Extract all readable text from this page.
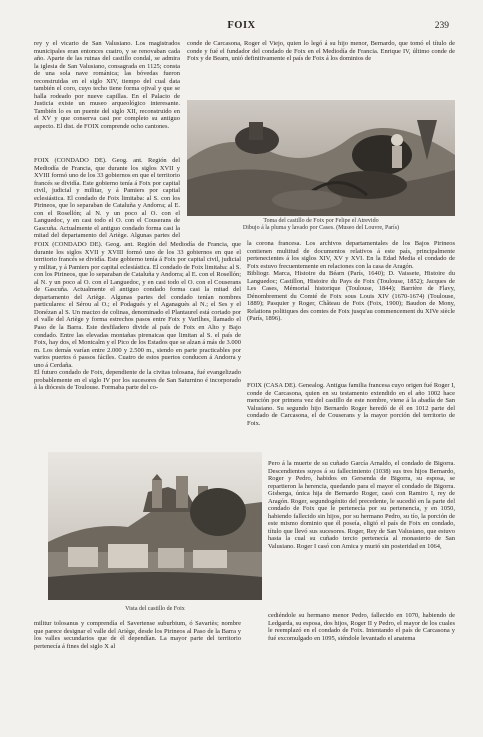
FOIX	239

rey y el vicario de San Valusiano. Los magistrados municipales eran entonces cuatro, y se renovaban cada año. Aparte de las ruinas del castillo condal, se admira la iglesia de San Valusiano, consagrada en 1125; consta de una sola nave románica; las bóvedas fueron reconstruidas en el siglo XIV, tiempo del cual data también el coro, cuyo techo tiene forma ojival y que se halla rodeado por nueve capillas. En el Palacio de Justicia existe un museo arqueológico interesante. También lo es un puente del siglo XII, reconstruido en el XV y que conserva casi por completo su antiguo aspecto. El dist. de FOIX comprende ocho cantones.

Toma del castillo de Foix por Felipe el Atrevido
Dibujo á la pluma y lavado por Cases. (Museo del Louvre, París)

FOIX (CONDADO DE). Geog. ant. Región del Mediodía de Francia, que durante los siglos XVII y XVIII formó uno de los 33 gobiernos en que el territorio francés se dividía. Este gobierno tenía á Foix por capital civil, judicial y militar, y á Pamiers por capital eclesiástica. El condado de Foix limitaba: al S. con los Pirineos, que lo separaban de Cataluña y Andorra; al E. con el Rosellón; al N. y un poco al O. con el Languedoc, y en casi todo el O. con el Couserans de Gascuña. Actualmente el antiguo condado forma casi la mitad del departamento del Ariège. Algunas partes del

FOIX (CONDADO DE). Geog. ant. Región del Mediodía de Francia, que durante los siglos XVII y XVIII formó uno de los 33 gobiernos en que el territorio francés se dividía. Este gobierno tenía á Foix por capital civil, judicial y militar, y á Pamiers por capital eclesiástica. El condado de Foix limitaba: al S. con los Pirineos, que lo separaban de Cataluña y Andorra; al E. con el Rosellón; al N. y un poco al O. con el Languedoc, y en casi todo el O. con el Couserans de Gascuña. Actualmente el antiguo condado forma casi la mitad del departamento del Ariège. Algunas partes del condado tenían nombres particulares: el Sérou al O.; el Podagués y el Aganaguès al N.; el Ses y el Donézan al S. Un macizo de colinas, denominado el Plantaurel está cortado por el valle del Ariège y forma estrechos pasos entre Foix y Varilhes, llamado el Paso de la Barra. Este desfiladero divide al país de Foix en Alto y Bajo condado. Entre las elevadas montañas pirenaicas que limitan al S. el país de Foix, hay dos, el Montcalm y el Pico de los Estados que se alzan á más de 3.000 m. Los demás varían entre 2.000 y 2.500 m., siendo en parte practicables por varios puertos ó passos fáciles. Cuatro de estos puertos conducen á Andorra y uno á Cerdaña.

El futuro condado de Foix, dependiente de la civitas tolosana, fué evangelizado probablemente en el siglo IV por los sucesores de San Saturnino é incorporado á la diócesis de Toulouse. Formaba parte del co-

Vista del castillo de Foix

militur tolosanus y comprendía el Savertense suburbium, ó Savartès; nombre que parece designar el valle del Ariège, desde los Pirineos al Paso de la Barra y los valles secundarios que de él dependían. La mayor parte del territorio pertenecía á fines del siglo X al

conde de Carcasona, Roger el Viejo, quien lo legó á su hijo menor, Bernardo, que tomó el título de conde y fué el fundador del condado de Foix en el Mediodía de Francia. Enrique IV, último conde de Foix y de Bearn, unió definitivamente el país de Foix á los dominios de

la corona francesa. Los archivos departamentales de los Bajos Pirineos contienen multitud de documentos relativos á este país, principalmente pertenecientes á los siglos XIV, XV y XVI. En la Edad Media el condado de Foix estuvo frecuentemente en relaciones con la casa de Aragón.

Bibliogr. Marca, Histoire du Béarn (París, 1640); D. Vaissete, Histoire du Languedoc; Castillon, Histoire du Pays de Foix (Toulouse, 1852); Jacques de Les Cases, Mémorial historique (Toulouse, 1844); Barrière de Flavy, Dénombrement du Comté de Foix sous Louis XIV (1670-1674) (Toulouse, 1889); Pasquier y Roger, Château de Foix (Foix, 1900); Baudon de Mony, Relations politiques des comtes de Foix jusqu'au commencement du XIVe siècle (París, 1896).

FOIX (CASA DE). Genealog. Antigua familia francesa cuyo origen fué Roger I, conde de Carcasona, quien en su testamento extendido en el año 1002 hace mención por primera vez del castillo de este nombre, viene á la abadía de San Valusiano. Su segundo hijo Bernardo Roger heredó de él en 1012 parte del condado de Carcasona, el de Couserans y la mayor porción del territorio de Foix.

Pero á la muerte de su cuñado García Arnaldo, el condado de Bigorra. Descendientes suyos á su fallecimiento (1038) sus tres hijos Bernardo, Roger y Pedro, habidos en Gersenda de Bigorra, su esposa, se repartieron la herencia, quedando para el mayor el condado de Bigorra. Gisberga, única hija de Bernardo Roger, casó con Ramiro I, rey de Aragón. Roger, segundogénito del precedente, le sucedió en la parte del condado de Foix que le pertenecía por su pertenencia, y en 1050, habiendo fallecido sin hijos, por su hermano Pedro, su tío, la porción de este mismo dominio que él poseía, eligió el país de Foix en condado, título que llevó sus sucesores. Roger, Rey de San Valusiano, que estuvo hasta la cual su cuñado tercio pertenecía al monasterio de San Valusiano. Roger I casó con Amica y murió sin posteridad en 1064,

cediéndole su hermano menor Pedro, fallecido en 1070, habiendo de Ledgarda, su esposa, dos hijos, Roger II y Pedro, el mayor de los cuales le reemplazó en el condado de Foix. Intentando el país de Carcasona y fué excomulgado en 1095, siéndole levantado el anatema
